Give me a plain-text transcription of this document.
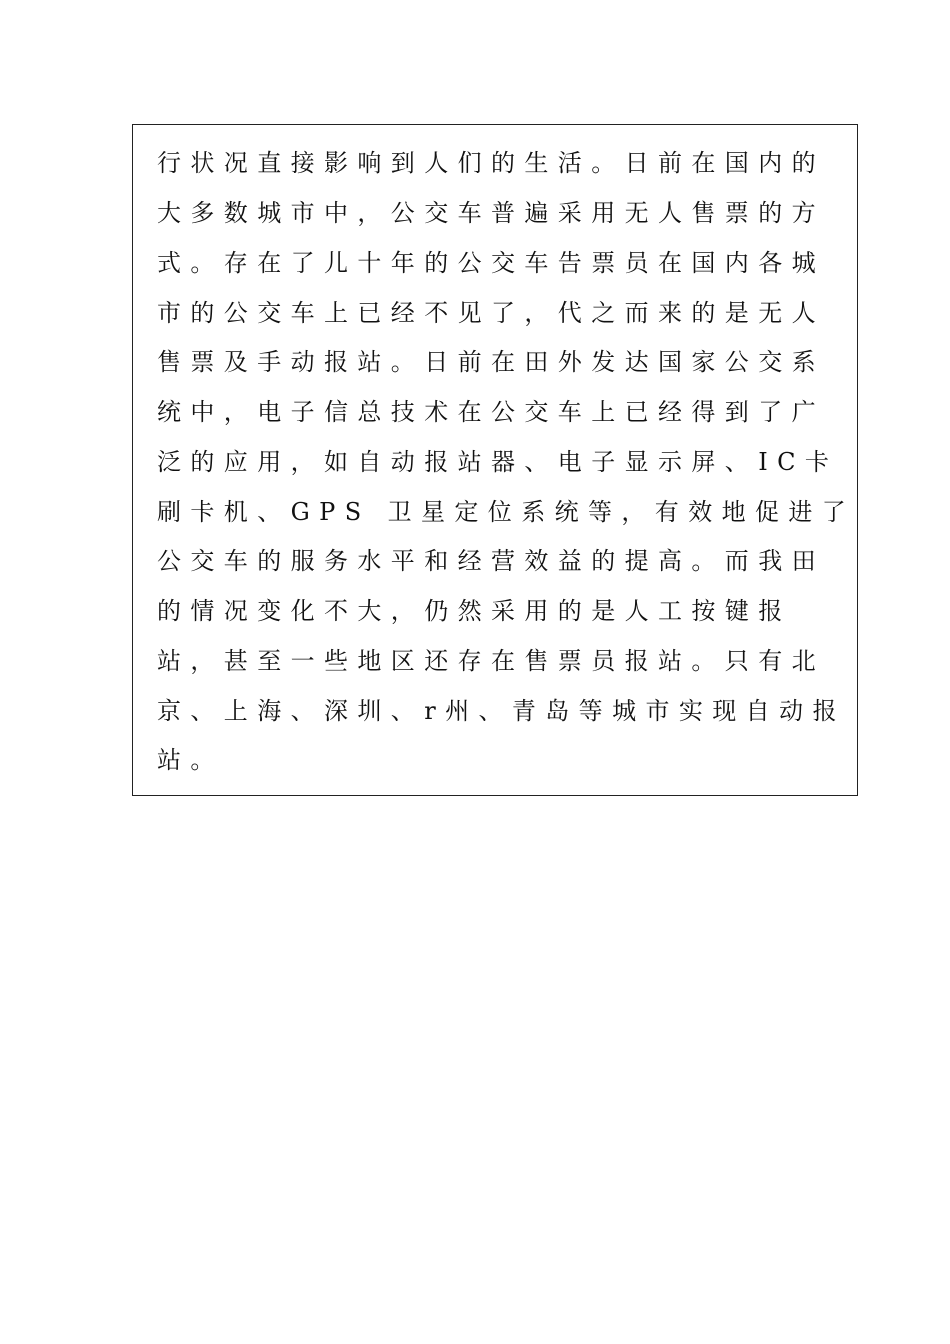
行状况直接影响到人们的生活。日前在国内的
大多数城市中，公交车普遍采用无人售票的方
式。存在了儿十年的公交车告票员在国内各城
市的公交车上已经不见了，代之而来的是无人
售票及手动报站。日前在田外发达国家公交系
统中，电子信总技术在公交车上已经得到了广
泛的应用，如自动报站器、电子显示屏、IC卡
刷卡机、GPS 卫星定位系统等，有效地促进了
公交车的服务水平和经营效益的提高。而我田
的情况变化不大，仍然采用的是人工按键报
站，甚至一些地区还存在售票员报站。只有北
京、上海、深圳、r州、青岛等城市实现自动报
站。
